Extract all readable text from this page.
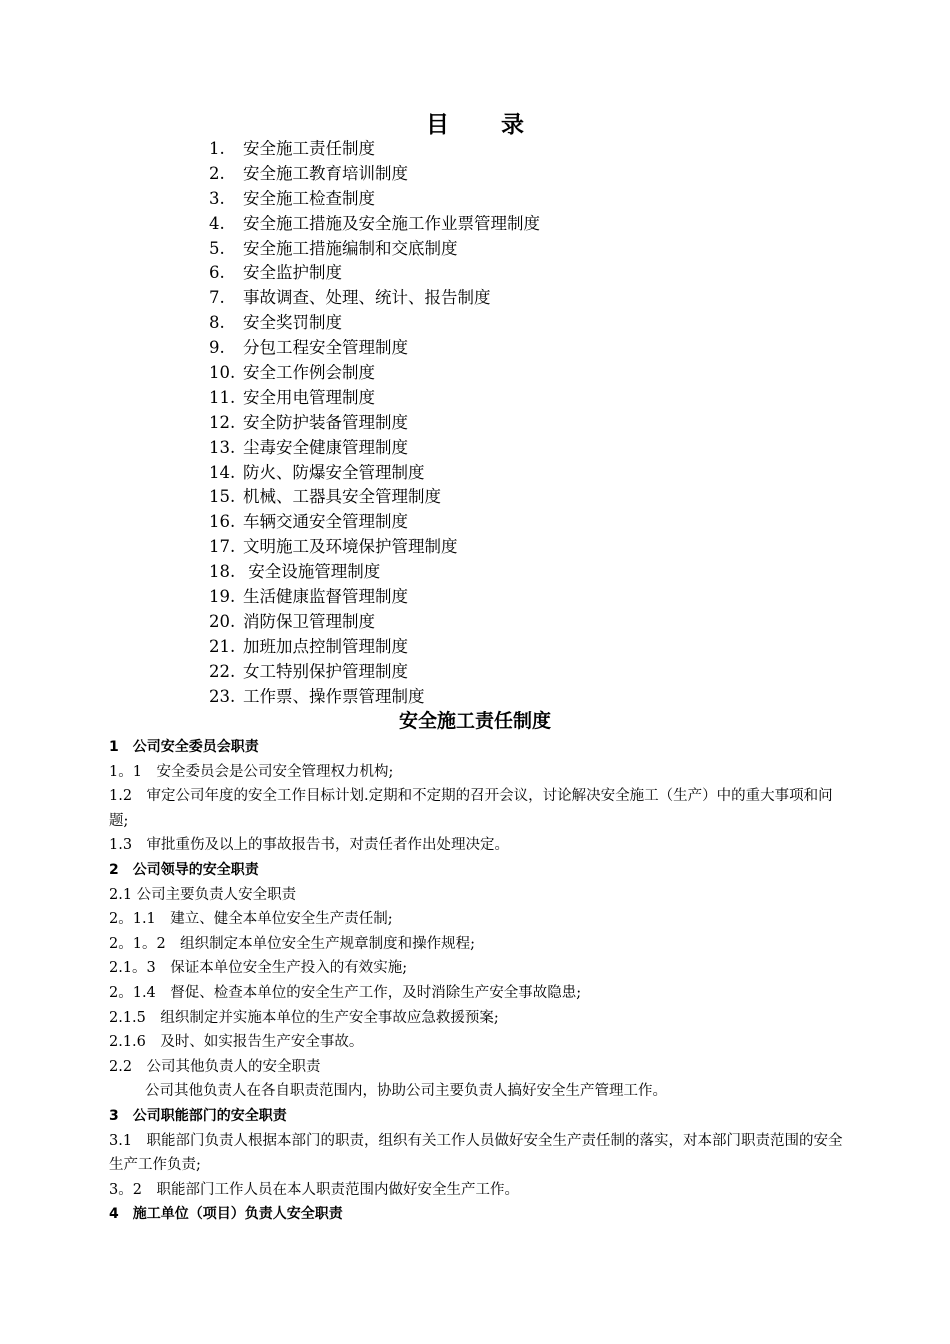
目 录
1. 安全施工责任制度
2. 安全施工教育培训制度
3. 安全施工检查制度
4. 安全施工措施及安全施工作业票管理制度
5. 安全施工措施编制和交底制度
6. 安全监护制度
7. 事故调查、处理、统计、报告制度
8. 安全奖罚制度
9. 分包工程安全管理制度
10. 安全工作例会制度
11. 安全用电管理制度
12. 安全防护装备管理制度
13. 尘毒安全健康管理制度
14. 防火、防爆安全管理制度
15. 机械、工器具安全管理制度
16. 车辆交通安全管理制度
17. 文明施工及环境保护管理制度
18. 安全设施管理制度
19. 生活健康监督管理制度
20. 消防保卫管理制度
21. 加班加点控制管理制度
22. 女工特别保护管理制度
23. 工作票、操作票管理制度
安全施工责任制度

1　公司安全委员会职责

1。1　安全委员会是公司安全管理权力机构;

1.2　审定公司年度的安全工作目标计划.定期和不定期的召开会议，讨论解决安全施工（生产）中的重大事项和问题;

1.3　审批重伤及以上的事故报告书，对责任者作出处理决定。

2　公司领导的安全职责

2.1 公司主要负责人安全职责

2。1.1　建立、健全本单位安全生产责任制;

2。1。2　组织制定本单位安全生产规章制度和操作规程;

2.1。3　保证本单位安全生产投入的有效实施;

2。1.4　督促、检查本单位的安全生产工作，及时消除生产安全事故隐患;

2.1.5　组织制定并实施本单位的生产安全事故应急救援预案;

2.1.6　及时、如实报告生产安全事故。

2.2　公司其他负责人的安全职责

公司其他负责人在各自职责范围内，协助公司主要负责人搞好安全生产管理工作。

3　公司职能部门的安全职责

3.1　职能部门负责人根据本部门的职责，组织有关工作人员做好安全生产责任制的落实，对本部门职责范围的安全生产工作负责;

3。2　职能部门工作人员在本人职责范围内做好安全生产工作。

4　施工单位（项目）负责人安全职责
